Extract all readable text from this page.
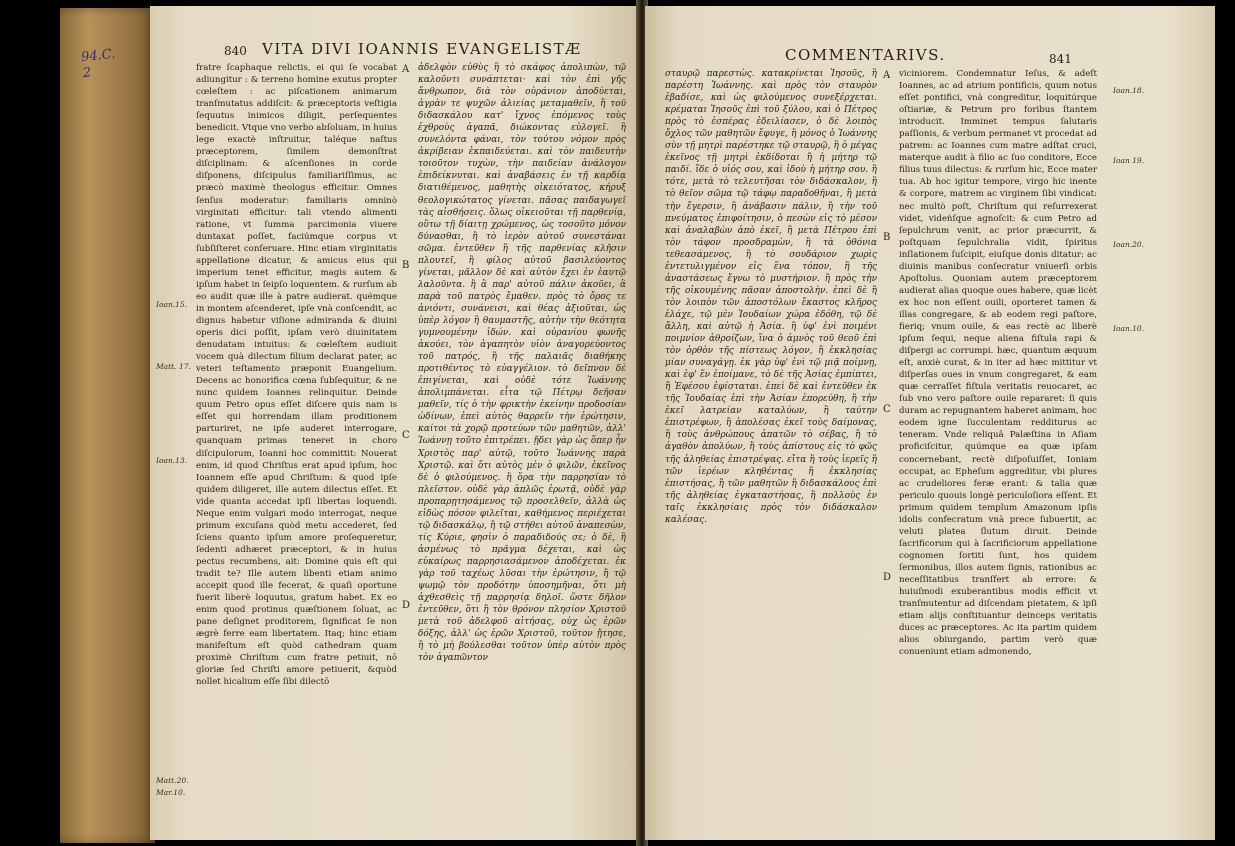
94.C. 2
840 VITA DIVI IOANNIS EVANGELISTÆ

fratre ſcaphaque relictis, ei qui ſe vocabat adiungitur : & terreno homine exutus propter cœleſtem : ac piſcationem animarum tranſmutatus addiſcit: & præceptoris veſtigia ſequutus inimicos diligit, perſequentes benedicit. Vtque vno verbo abſoluam, in huius lege exactè inſtruitur, taléque naſtus præceptorem, ſimilem demonſtrat diſciplinam: & aſcenſiones in corde diſponens, diſcipulus familiariſſimus, ac præcò maximè theologus efficitur. Omnes ſenſus moderatur: familiaris omninò virginitati efficitur: tali vtendo alimenti ratione, vt ſumma parcimonia viuere duntaxat poſſet, faciúmque corpus vt ſubſiſteret conſeruare. Hinc etiam virginitatis appellatione dicatur, & amicus eius qui imperium tenet efficitur, magis autem & ipſum habet in ſeipſo loquentem. & rurſum ab eo audit quæ ille à patre audierat. quémque in montem aſcenderet, ipſe vnà conſcendit, ac dignus habetur viſione admiranda & diuini operis dici poſſit, ipſam verò diuinitatem denudatam intuitus: & cœleſtem audiuit vocem quà dilectum filium declarat pater, ac veteri teſtamento præponit Euangelium. Decens ac honorifica cœna ſubſequitur, & ne nunc quidem Ioannes relinquitur. Deinde quum Petro opus eſſet diſcere quis nam is eſſet qui horrendam illam proditionem parturiret, ne ipſe auderet interrogare, quanquam primas teneret in choro diſcipulorum, Ioanni hoc committit: Nouerat enim, id quod Chriſtus erat apud ipſum, hoc Ioannem eſſe apud Chriſtum: & quod ipſe quidem diligeret, ille autem dilectus eſſet. Et vide quanta accedat ipſi libertas loquendi. Neque enim vulgari modo interrogat, neque primum excuſans quòd metu accederet, ſed ſciens quanto ipſum amore proſequeretur, ſedenti adhæret præceptori, & in huius pectus recumbens, ait: Domine quis eſt qui tradit te? Ille autem libenti etiam animo accepit quod ille fecerat, & quaſi oportune fuerit liberè loquutus, gratum habet. Ex eo enim quod protinus quæſtionem ſoluat, ac pane deſignet proditorem, ſignificat ſe non ægrè ferre eam libertatem. Itaq; hinc etiam manifeſtum eſt quòd cathedram quam proximè Chriſtum cum fratre petiuit, nō gloriæ ſed Chriſti amore petiuerit, &quòd nollet hicalium eſſe ſibi dilectō

ἀδελφὸν εὐθὺς ἢ τὸ σκάφος ἀπολιπὼν, τῷ καλοῦντι συνάπτεται· καὶ τὸν ἐπὶ γῆς ἄνθρωπον, διὰ τὸν οὐράνιον ἀποδύεται, ἀγρὰν τε ψυχῶν ἀλιείας μεταμαθεῖν, ἢ τοῦ διδασκάλου κατ' ἴχνος ἑπόμενος τοὺς ἐχθροὺς ἀγαπᾶ, διώκοντας εὐλογεῖ. ἢ συνελόντα φάναι, τὸν τούτου νόμον πρὸς ἀκρίβειαν ἐκπαιδεύεται. καὶ τὸν παιδευτὴν τοιοῦτον τυχὼν, τὴν παιδείαν ἀνάλογον ἐπιδείκνυται. καὶ ἀναβάσεις ἐν τῇ καρδίᾳ διατιθέμενος, μαθητὴς οἰκειότατος, κήρυξ θεολογικώτατος γίνεται. πᾶσας παιδαγωγεῖ τὰς αἰσθήσεις. ὅλως οἰκειοῦται τῇ παρθενίᾳ, οὕτω τῇ δίαιτῃ χρώμενος, ὡς τοσοῦτο μόνον δύνασθαι, ἢ τὸ ἱερὸν αὐτοῦ συνεστάναι σῶμα. ἐντεῦθεν ἢ τῆς παρθενίας κλῆσιν πλουτεῖ, ἢ φίλος αὐτοῦ βασιλεύοντος γίνεται, μᾶλλον δὲ καὶ αὐτὸν ἔχει ἐν ἑαυτῷ λαλοῦντα. ἢ ἃ παρ' αὐτοῦ πάλιν ἀκοῦει, ἃ παρὰ τοῦ πατρὸς ἔμαθεν. πρὸς τὸ ὄρος τε ἀνιόντι, συνάνεισι, καὶ θέας ἀξιοῦται, ὡς ὑπὲρ λόγον ἢ θαυμαστῆς, αὐτὴν τὴν θεότητα γυμνουμένην ἰδών. καὶ οὐρανίου φωνῆς ἀκούει, τὸν ἀγαπητὸν υἱὸν ἀναγορεύοντος τοῦ πατρός, ἢ τῆς παλαιᾶς διαθήκης προτιθέντος τὸ εὐαγγέλιον. τὸ δεῖπνον δὲ ἐπιγίνεται, καὶ οὐδὲ τότε Ἰωάννης ἀπολιμπάνεται. εἶτα τῷ Πέτρῳ δεῆσαν μαθεῖν, τίς ὁ τὴν φρικτὴν ἐκείνην προδοσίαν ὠδίνων, ἐπεὶ αὐτὸς θαρρεῖν τὴν ἐρώτησιν, καίτοι τὰ χορῷ προτεύων τῶν μαθητῶν, ἀλλ' Ἰωάννῃ τοῦτο ἐπιτρέπει. ᾔδει γὰρ ὡς ὅπερ ἦν Χριστὸς παρ' αὐτῷ, τοῦτο Ἰωάννης παρὰ Χριστῷ. καὶ ὅτι αὐτὸς μὲν ὁ φιλῶν, ἐκεῖνος δὲ ὁ φιλούμενος. ἢ ὅρα τὴν παρρησίαν τὸ πλεῖστον. οὐδὲ γὰρ ἁπλῶς ἐρωτᾷ, οὐδὲ γὰρ προπαρῃτησάμενος τῷ προσελθεῖν, ἀλλὰ ὡς εἰδὼς πόσον φιλεῖται, καθήμενος περιέχεται τῷ διδασκάλῳ, ἢ τῷ στήθει αὐτοῦ ἀναπεσὼν, τίς Κύριε, φησὶν ὁ παραδιδούς σε; ὁ δὲ, ἢ ἀσμένως τὸ πρᾶγμα δέχεται, καὶ ὡς εὐκαίρως παρρησιασάμενον ἀποδέχεται. ἐκ γὰρ τοῦ ταχέως λῦσαι τὴν ἐρώτησιν, ἢ τῷ ψωμῷ τὸν προδότην ὑποσημῆναι, ὅτι μὴ ἀχθεσθεὶς τῇ παρρησίᾳ δηλοῖ. ὥστε δῆλον ἐντεῦθεν, ὅτι ἢ τὸν θρόνον πλησίον Χριστοῦ μετὰ τοῦ ἀδελφοῦ αἰτήσας, οὐχ ὡς ἐρῶν δόξης, ἀλλ' ὡς ἐρῶν Χριστοῦ, τοῦτον ᾔτησε, ἢ τὸ μὴ βούλεσθαι τοῦτον ὑπὲρ αὐτὸν πρὸς τὸν ἀγαπῶντον

A
B
C
D
Ioan.15.
Matt. 17.
Ioan.13.
Matt.20.
Mar.10.
COMMENTARIVS.	841

σταυρῷ παρεστὼς. κατακρίνεται Ἰησοῦς, ἢ παρέστη Ἰωάννης. καὶ πρὸς τὸν σταυρὸν ἐβαδίσε, καὶ ὡς φιλούμενος συνεξέρχεται. κρέμαται Ἰησοῦς ἐπὶ τοῦ ξύλου, καὶ ὁ Πέτρος πρὸς τὸ ἑσπέρας ἐδειλίασεν, ὁ δὲ λοιπὸς ὄχλος τῶν μαθητῶν ἔφυγε, ἢ μόνος ὁ Ἰωάννης σὺν τῇ μητρὶ παρέστηκε τῷ σταυρῷ, ἢ ὁ μέγας ἐκεῖνος τῇ μητρὶ ἐκδίδοται ἢ ἡ μήτηρ τῷ παιδί. ἴδε ὁ υἱός σου, καὶ ἰδοὺ ἡ μήτηρ σου. ἢ τότε, μετὰ τὸ τελευτῆσαι τὸν διδάσκαλον, ἢ τὸ θεῖον σῶμα τῷ τάφῳ παραδοθῆναι, ἢ μετὰ τὴν ἔγερσιν, ἢ ἀνάβασιν πάλιν, ἢ τὴν τοῦ πνεύματος ἐπιφοίτησιν, ὁ πεσὼν εἰς τὸ μέσον καὶ ἀναλαβὼν ἀπὸ ἐκεῖ, ἢ μετὰ Πέτρου ἐπὶ τὸν τάφον προσδραμὼν, ἢ τὰ ὀθόνια τεθεασάμενος, ἢ τὸ σουδάριον χωρὶς ἐντετυλιγμένον εἰς ἕνα τόπον, ἢ τῆς ἀναστάσεως ἔγνω τὸ μυστήριον. ἢ πρὸς τὴν τῆς οἰκουμένης πᾶσαν ἀποστολὴν. ἐπεὶ δὲ ἢ τὸν λοιπὸν τῶν ἀποστόλων ἕκαστος κλῆρος ἐλάχε, τῷ μὲν Ἰουδαίων χώρα ἐδόθη, τῷ δὲ ἄλλη, καὶ αὐτῷ ἡ Ἀσία. ἢ ὑφ' ἐνὶ ποιμένι ποιμνίον ἁθροίζων, ἵνα ὁ ἀμνὸς τοῦ θεοῦ ἐπὶ τὸν ὀρθὸν τῆς πίστεως λόγον, ἢ ἐκκλησίας μίαν συναγάγῃ. ἐκ γὰρ ὑφ' ἑνὶ τῷ μιᾷ ποίμνῃ, καὶ ἐφ' ἕν ἐποίμανε, τὸ δὲ τῆς Ἀσίας ἐμπίπτει, ἢ Ἐφέσου ἐφίσταται. ἐπεὶ δὲ καὶ ἐντεῦθεν ἐκ τῆς Ἰουδαίας ἐπὶ τὴν Ἀσίαν ἐπορεύθη, ἢ τὴν ἐκεῖ λατρείαν καταλύων, ἢ ταύτην ἐπιστρέφων, ἢ ἀπολέσας ἐκεῖ τοὺς δαίμονας, ἢ τοὺς ἀνθρώπους ἀπατῶν τὸ σέβας, ἢ τὸ ἀγαθὸν ἀπολύων, ἢ τοὺς ἀπίστους εἰς τὸ φῶς τῆς ἀληθείας ἐπιστρέψας. εἴτα ἢ τοὺς ἱερεῖς ἢ τῶν ἱερέων κληθέντας ἢ ἐκκλησίας ἐπιστήσας, ἢ τῶν μαθητῶν ἢ διδασκάλους ἐπὶ τῆς ἀληθείας ἐγκαταστήσας, ἢ πολλοὺς ἐν ταῖς ἐκκλησίαις πρὸς τὸν διδάσκαλον καλέσας.

viciniorem. Condemnatur Ieſus, & adeſt Ioannes, ac ad atrium pontificis, quum notus eſſet pontifici, vnà congreditur, loquitúrque oſtiariæ, & Petrum pro foribus ſtantem introducit. Imminet tempus ſalutaris paſſionis, & verbum permanet vt procedat ad patrem: ac Ioannes cum matre adſtat cruci, materque audit à filio ac ſuo conditore, Ecce filius tuus dilectus: & rurſum hic, Ecce mater tua. Ab hoc igitur tempore, virgo hic inente & corpore, matrem ac virginem ſibi vindicat: nec multò poſt, Chriſtum qui reſurrexerat videt, videńſque agnoſcit: & cum Petro ad ſepulchrum venit, ac prior præcurrit, & poſtquam ſepulchralia vidit, ſpiritus inſlationem ſuſcipit, eiuſque donis ditatur: ac diuinis manibus conſecratur vniuerſi orbis Apoſtolus. Quoniam autem præceptorem audierat alias quoque oues habere, quæ licèt ex hoc non eſſent ouili, oporteret tamen & illas congregare, & ab eodem regi paſtore, fieriq; vnum ouile, & eas rectè ac liberè ipſum ſequi, neque aliena fiſtula rapi & diſpergi ac corrumpi. hæc, quantum æquum eſt, anxiè curat, & in iter ad hæc mittitur vt diſperſas oues in vnum congregaret, & eam quæ cerraſſet fiſtula veritatis reuocaret, ac ſub vno vero paſtore ouile repararet: ſi quis duram ac repugnantem haberet animam, hoc eodem igne ſucculentam redditurus ac teneram. Vnde reliquâ Palæſtina in Aſiam proficiſcitur, quúmque ea quæ ipſam concernebant, rectè diſpoſuiſſet, Ioniam occupat, ac Epheſum aggreditur, vbi plures ac crudeliores feræ erant: & talia quæ periculo quouis longè periculoſiora eſſent. Et primum quidem templum Amazonum ipſis idolis confecratum vnà prece ſubuertit, ac veluti platea ſlutum diruit. Deinde ſacrificorum qui à ſacrificiorum appellatione cognomen ſortiti ſunt, hos quidem ſermonibus, illos autem ſignis, rationibus ac neceſſitatibus tranſfert ab errore: & huiuſmodi exuberantibus modis efficit vt tranſmutentur ad diſcendam pietatem, & ipſi etiam alijs conſtituantur deinceps veritatis duces ac præceptores. Ac ita partim quidem alios obiurgando, partim verò quæ conueniunt etiam admonendo,

A
B
C
D
Ioan.18.
Ioan 19.
Ioan.20.
Ioan.10.
